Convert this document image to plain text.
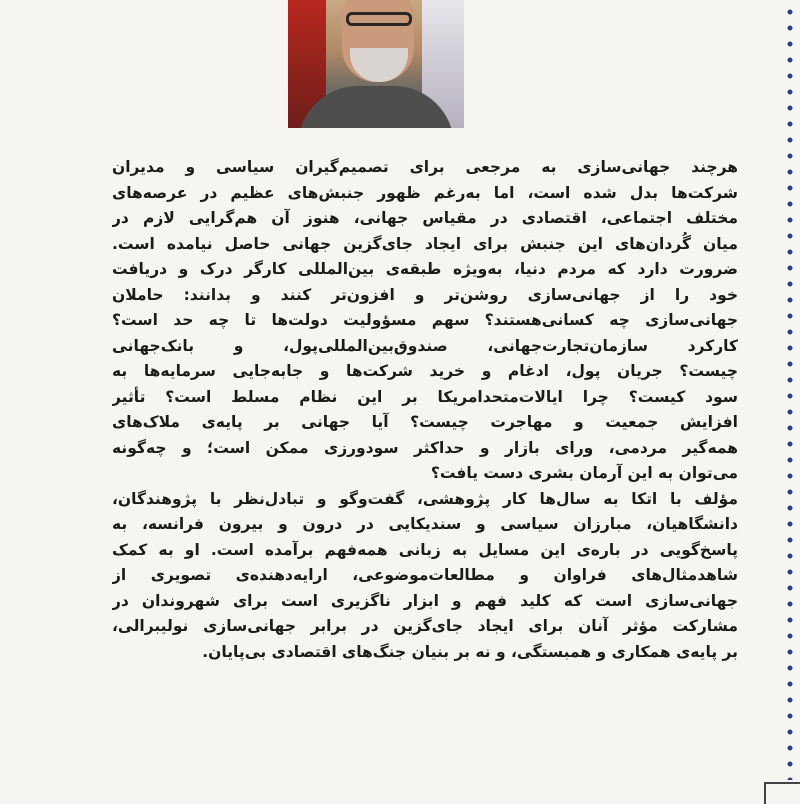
هرچند جهانی‌سازی به مرجعی برای تصمیم‌گیران سیاسی و مدیران
شرکت‌ها بدل شده است، اما به‌رغم ظهور جنبش‌های عظیم در عرصه‌های
مختلف اجتماعی، اقتصادی در مقیاس جهانی، هنوز آن هم‌گرایی لازم در
میان گُردان‌های این جنبش برای ایجاد جای‌گزین جهانی حاصل نیامده است.
ضرورت دارد که مردم دنیا، به‌ویژه طبقه‌ی بین‌المللی کارگر درک و دریافت
خود را از جهانی‌سازی روشن‌تر و افزون‌تر کنند و بدانند: حاملان
جهانی‌سازی چه کسانی‌هستند؟ سهم مسؤولیت دولت‌ها تا چه حد است؟
کارکرد سازمان‌تجارت‌جهانی، صندوق‌بین‌المللی‌پول، و بانک‌جهانی
چیست؟ جریان پول، ادغام و خرید شرکت‌ها و جابه‌جایی سرمایه‌ها به
سود کیست؟ چرا ایالات‌متحدامریکا بر این نظام مسلط است؟ تأثیر
افزایش جمعیت و مهاجرت چیست؟ آیا جهانی بر پایه‌ی ملاک‌های
همه‌گیر مردمی، ورای بازار و حداکثر سودورزی ممکن است؛ و چه‌گونه
می‌توان به این آرمان بشری دست یافت؟
مؤلف با اتکا به سال‌ها کار پژوهشی، گفت‌وگو و تبادل‌نظر با پژوهندگان،
دانشگاهیان، مبارزان سیاسی و سندیکایی در درون و بیرون فرانسه، به
پاسخ‌گویی در باره‌ی این مسایل به زبانی همه‌فهم برآمده است. او به کمک
شاهدمثال‌های فراوان و مطالعات‌موضوعی، ارایه‌دهنده‌ی تصویری از
جهانی‌سازی است که کلید فهم و ابزار ناگزیری است برای شهروندان در
مشارکت مؤثر آنان برای ایجاد جای‌گزین در برابر جهانی‌سازی نولیبرالی،
بر پایه‌ی همکاری و همبستگی، و نه بر بنیان جنگ‌های اقتصادی بی‌پایان.
